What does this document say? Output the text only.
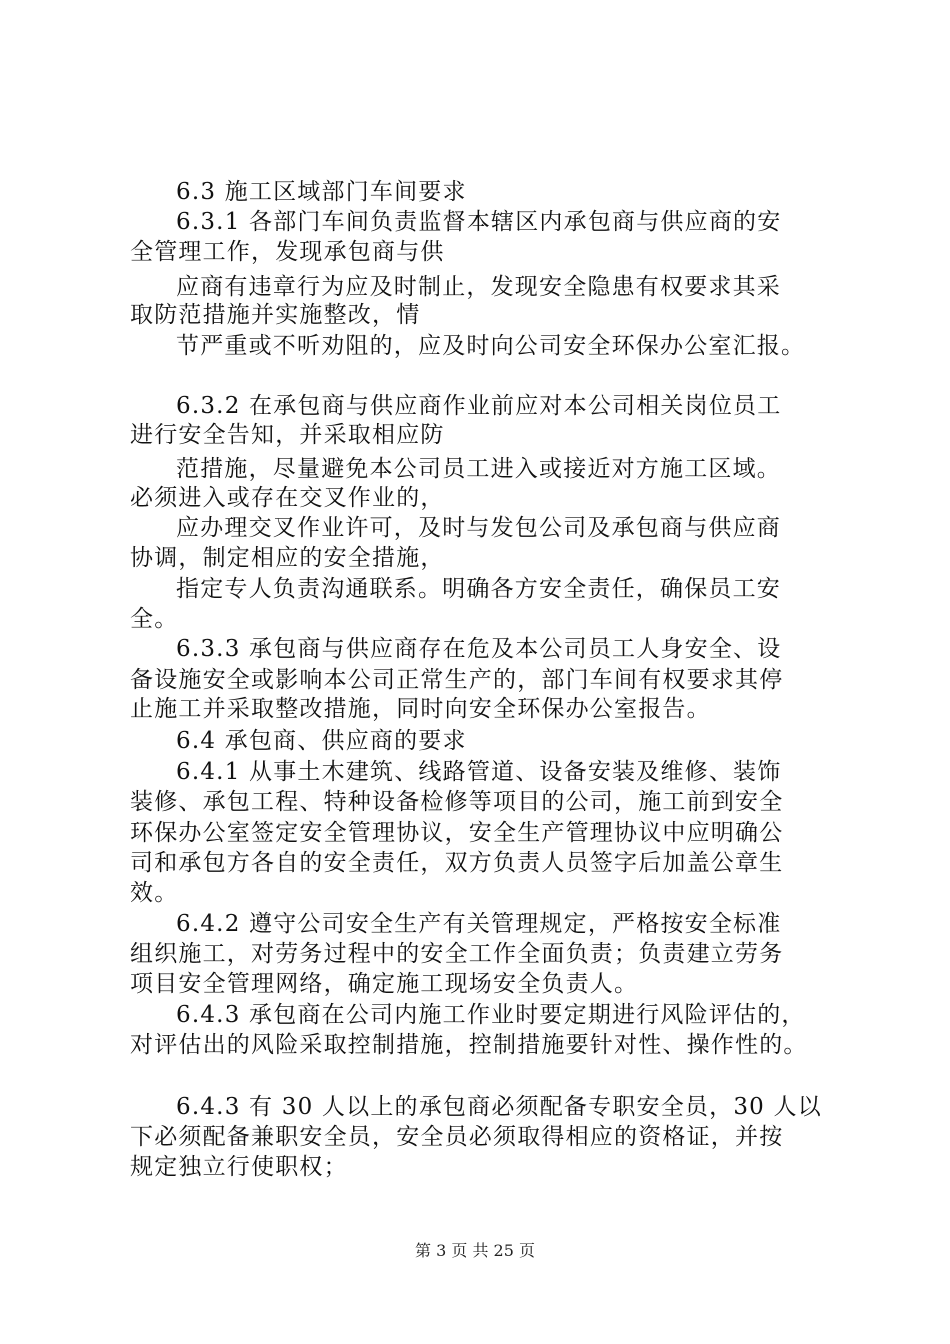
6.3 施工区域部门车间要求
6.3.1 各部门车间负责监督本辖区内承包商与供应商的安
全管理工作，发现承包商与供
应商有违章行为应及时制止，发现安全隐患有权要求其采
取防范措施并实施整改，情
节严重或不听劝阻的，应及时向公司安全环保办公室汇报。
6.3.2 在承包商与供应商作业前应对本公司相关岗位员工
进行安全告知，并采取相应防
范措施，尽量避免本公司员工进入或接近对方施工区域。
必须进入或存在交叉作业的，
应办理交叉作业许可，及时与发包公司及承包商与供应商
协调，制定相应的安全措施，
指定专人负责沟通联系。明确各方安全责任，确保员工安
全。
6.3.3 承包商与供应商存在危及本公司员工人身安全、设
备设施安全或影响本公司正常生产的，部门车间有权要求其停
止施工并采取整改措施，同时向安全环保办公室报告。
6.4 承包商、供应商的要求
6.4.1 从事土木建筑、线路管道、设备安装及维修、装饰
装修、承包工程、特种设备检修等项目的公司，施工前到安全
环保办公室签定安全管理协议，安全生产管理协议中应明确公
司和承包方各自的安全责任，双方负责人员签字后加盖公章生
效。
6.4.2 遵守公司安全生产有关管理规定，严格按安全标准
组织施工，对劳务过程中的安全工作全面负责；负责建立劳务
项目安全管理网络，确定施工现场安全负责人。
6.4.3 承包商在公司内施工作业时要定期进行风险评估的，
对评估出的风险采取控制措施，控制措施要针对性、操作性的。
6.4.3 有 30 人以上的承包商必须配备专职安全员，30 人以
下必须配备兼职安全员，安全员必须取得相应的资格证，并按
规定独立行使职权；
第 3 页 共 25 页
